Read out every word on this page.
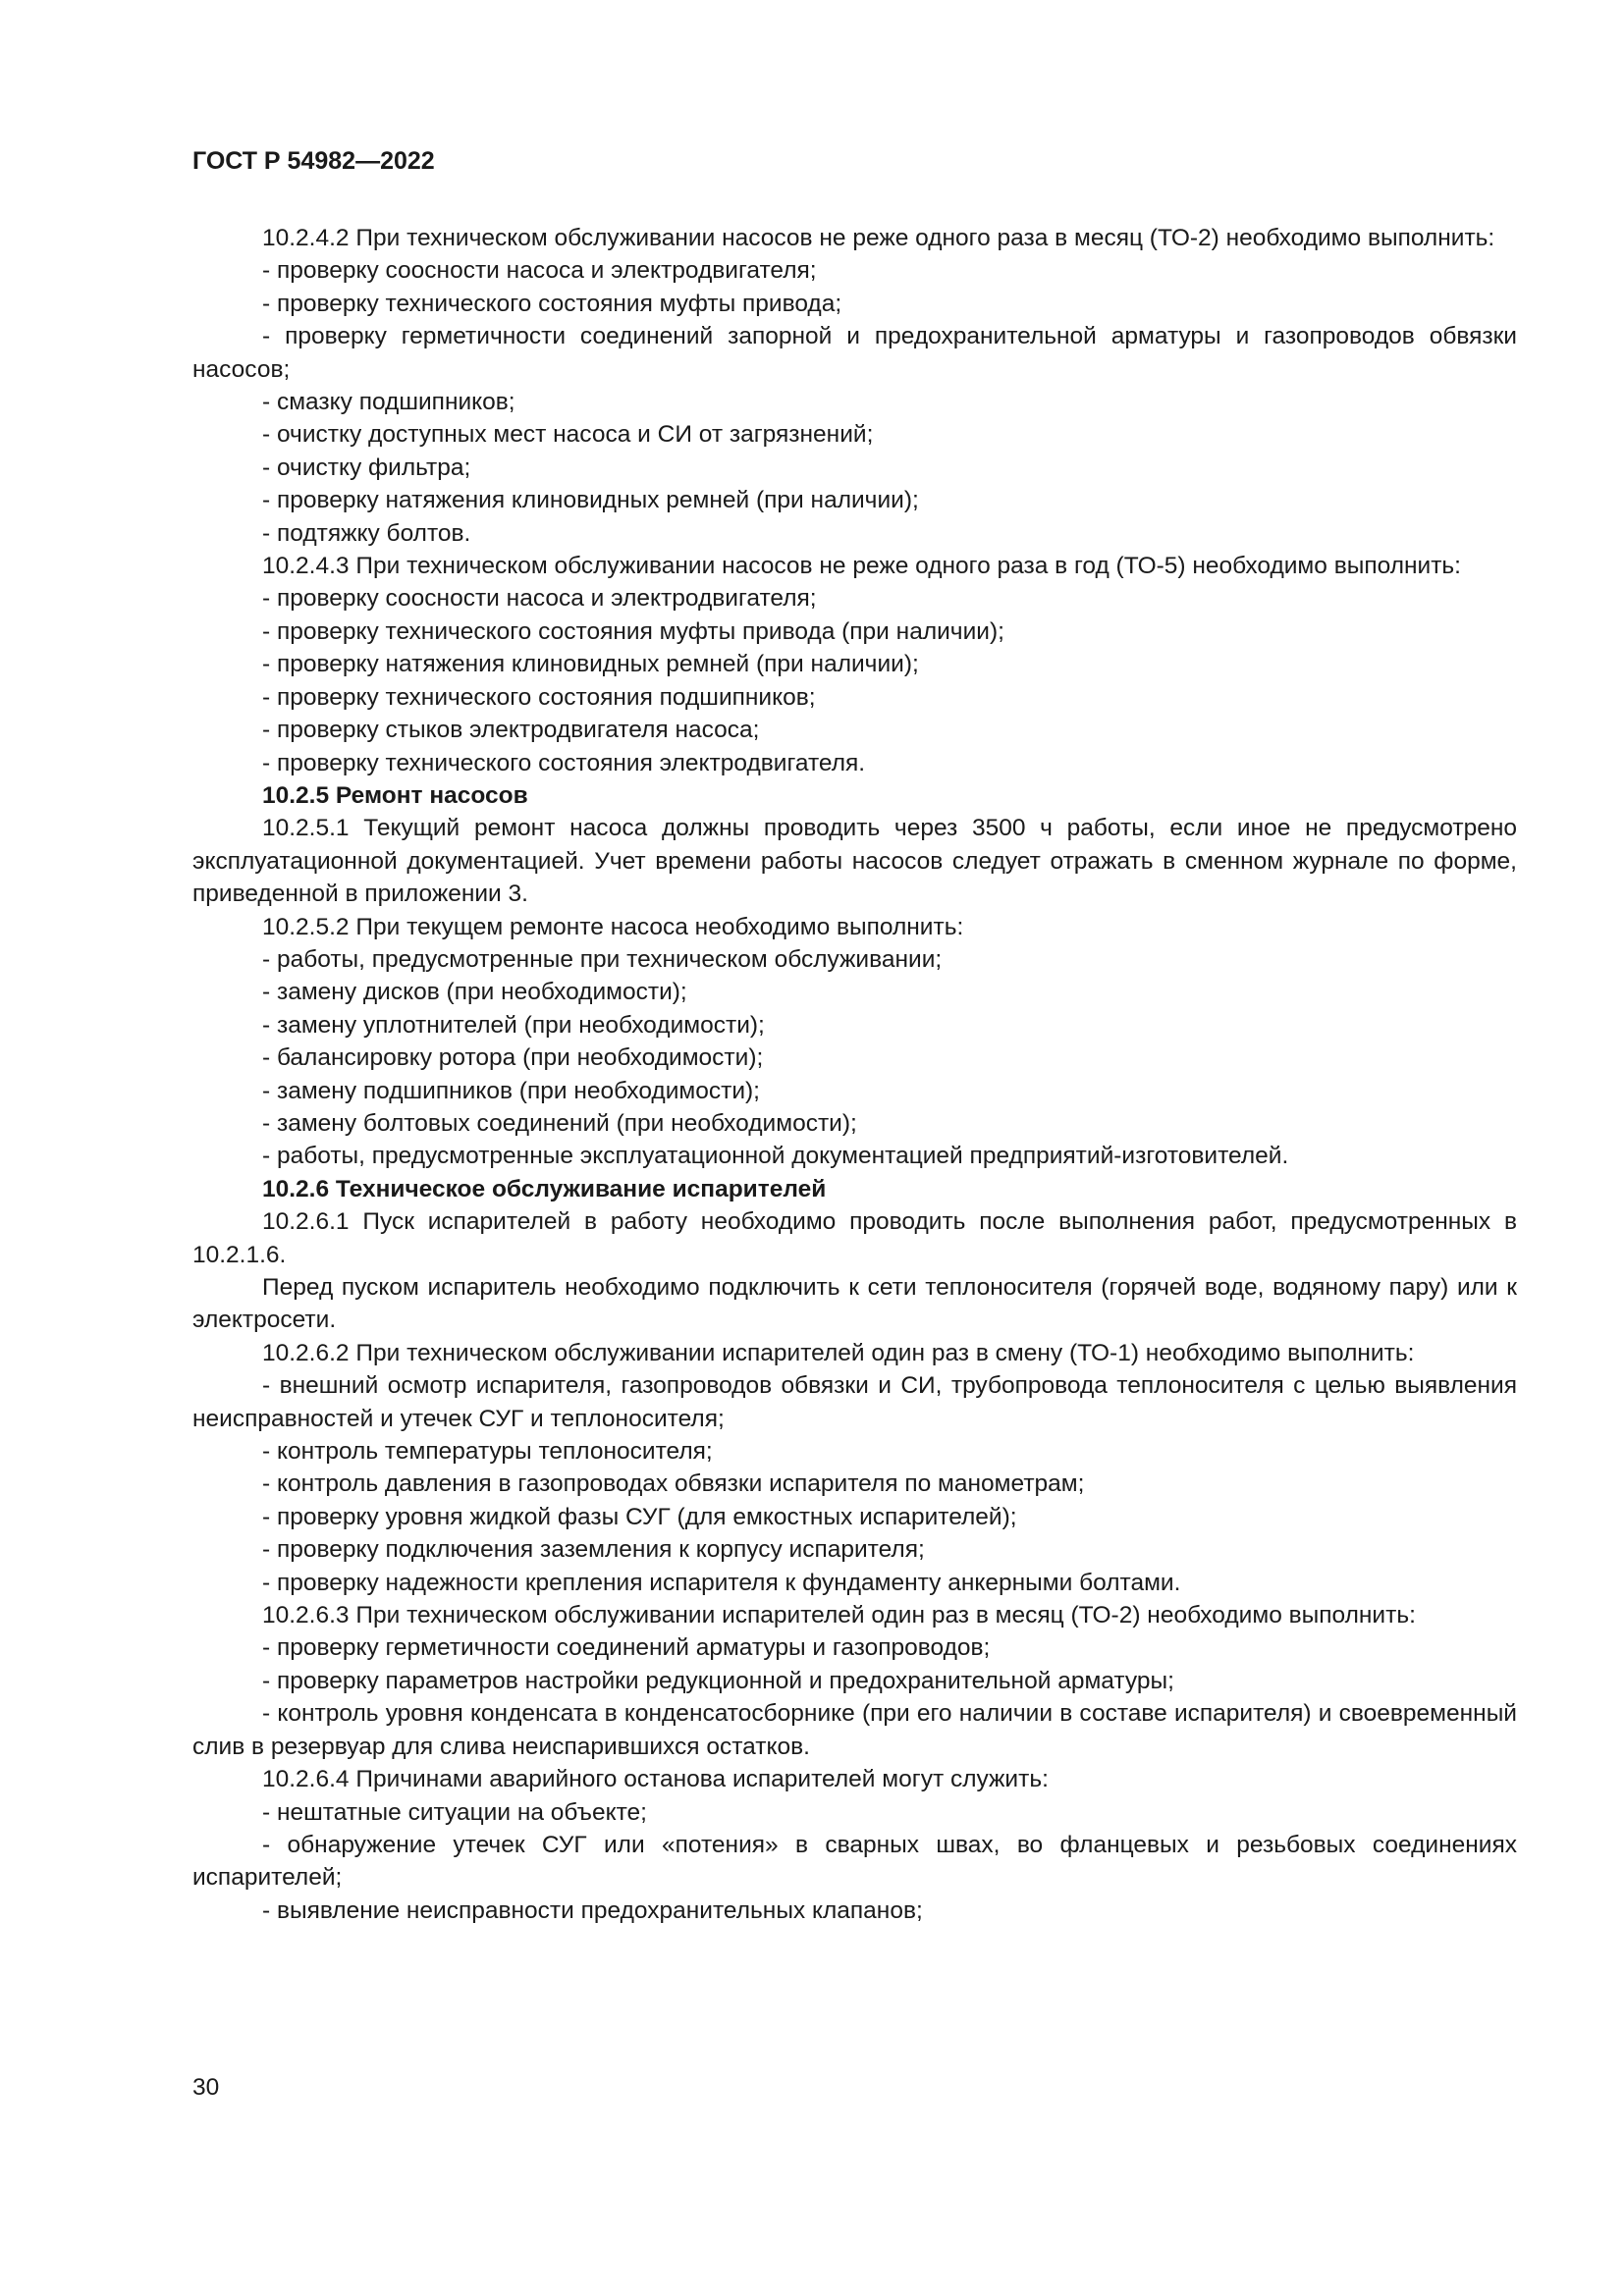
ГОСТ Р 54982—2022

10.2.4.2 При техническом обслуживании насосов не реже одного раза в месяц (ТО-2) необходимо выполнить:

- проверку соосности насоса и электродвигателя;

- проверку технического состояния муфты привода;

- проверку герметичности соединений запорной и предохранительной арматуры и газопроводов обвязки насосов;

- смазку подшипников;

- очистку доступных мест насоса и СИ от загрязнений;

- очистку фильтра;

- проверку натяжения клиновидных ремней (при наличии);

- подтяжку болтов.

10.2.4.3 При техническом обслуживании насосов не реже одного раза в год (ТО-5) необходимо выполнить:

- проверку соосности насоса и электродвигателя;

- проверку технического состояния муфты привода (при наличии);

- проверку натяжения клиновидных ремней (при наличии);

- проверку технического состояния подшипников;

- проверку стыков электродвигателя насоса;

- проверку технического состояния электродвигателя.

10.2.5 Ремонт насосов

10.2.5.1 Текущий ремонт насоса должны проводить через 3500 ч работы, если иное не предусмотрено эксплуатационной документацией. Учет времени работы насосов следует отражать в сменном журнале по форме, приведенной в приложении 3.

10.2.5.2 При текущем ремонте насоса необходимо выполнить:

- работы, предусмотренные при техническом обслуживании;

- замену дисков (при необходимости);

- замену уплотнителей (при необходимости);

- балансировку ротора (при необходимости);

- замену подшипников (при необходимости);

- замену болтовых соединений (при необходимости);

- работы, предусмотренные эксплуатационной документацией предприятий-изготовителей.

10.2.6 Техническое обслуживание испарителей

10.2.6.1 Пуск испарителей в работу необходимо проводить после выполнения работ, предусмотренных в 10.2.1.6.

Перед пуском испаритель необходимо подключить к сети теплоносителя (горячей воде, водяному пару) или к электросети.

10.2.6.2 При техническом обслуживании испарителей один раз в смену (ТО-1) необходимо выполнить:

- внешний осмотр испарителя, газопроводов обвязки и СИ, трубопровода теплоносителя с целью выявления неисправностей и утечек СУГ и теплоносителя;

- контроль температуры теплоносителя;

- контроль давления в газопроводах обвязки испарителя по манометрам;

- проверку уровня жидкой фазы СУГ (для емкостных испарителей);

- проверку подключения заземления к корпусу испарителя;

- проверку надежности крепления испарителя к фундаменту анкерными болтами.

10.2.6.3 При техническом обслуживании испарителей один раз в месяц (ТО-2) необходимо выполнить:

- проверку герметичности соединений арматуры и газопроводов;

- проверку параметров настройки редукционной и предохранительной арматуры;

- контроль уровня конденсата в конденсатосборнике (при его наличии в составе испарителя) и своевременный слив в резервуар для слива неиспарившихся остатков.

10.2.6.4 Причинами аварийного останова испарителей могут служить:

- нештатные ситуации на объекте;

- обнаружение утечек СУГ или «потения» в сварных швах, во фланцевых и резьбовых соединениях испарителей;

- выявление неисправности предохранительных клапанов;

30
